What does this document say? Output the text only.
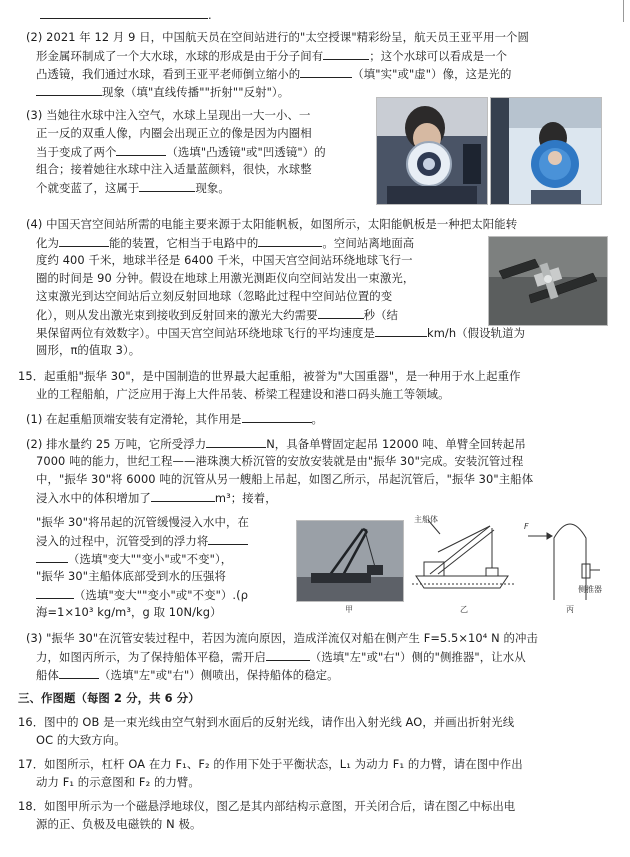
.
(2) 2021 年 12 月 9 日，中国航天员在空间站进行的"太空授课"精彩纷呈，航天员王亚平用一个圆
形金属环制成了一个大水球，水球的形成是由于分子间有	；这个水球可以看成是一个
凸透镜，我们通过水球，看到王亚平老师倒立缩小的	（填"实"或"虚"）像，这是光的
现象（填"直线传播""折射""反射"）。
(3) 当她往水球中注入空气，水球上呈现出一大一小、一
正一反的双重人像，内圈会出现正立的像是因为内圈相
当于变成了两个	（选填"凸透镜"或"凹透镜"）的
组合；接着她往水球中注入适量蓝颜料，很快，水球整
个就变蓝了，这属于	现象。
(4) 中国天宫空间站所需的电能主要来源于太阳能帆板，如图所示，太阳能帆板是一种把太阳能转
化为	能的装置，它相当于电路中的	。空间站离地面高
度约 400 千米，地球半径是 6400 千米，中国天宫空间站环绕地球飞行一
圈的时间是 90 分钟。假设在地球上用激光测距仪向空间站发出一束激光，
这束激光到达空间站后立刻反射回地球（忽略此过程中空间站位置的变
化），则从发出激光束到接收到反射回来的激光大约需要	秒（结
果保留两位有效数字）。中国天宫空间站环绕地球飞行的平均速度是	km/h（假设轨道为
圆形，π的值取 3）。
15．起重船"振华 30"，是中国制造的世界最大起重船，被誉为"大国重器"，是一种用于水上起重作
业的工程船舶，广泛应用于海上大件吊装、桥梁工程建设和港口码头施工等领域。
(1) 在起重船顶端安装有定滑轮，其作用是	。
(2) 排水量约 25 万吨，它所受浮力	N，具备单臂固定起吊 12000 吨、单臂全回转起吊
7000 吨的能力，世纪工程——港珠澳大桥沉管的安放安装就是由"振华 30"完成。安装沉管过程
中，"振华 30"将 6000 吨的沉管从另一艘船上吊起，如图乙所示，吊起沉管后，"振华 30"主船体
浸入水中的体积增加了	m³；接着，
"振华 30"将吊起的沉管缓慢浸入水中，在
浸入的过程中，沉管受到的浮力将
（选填"变大""变小"或"不变"），
"振华 30"主船体底部受到水的压强将
（选填"变大""变小"或"不变"）.(ρ
海=1×10³ kg/m³，g 取 10N/kg）	甲
主船体
乙
F
侧推器
丙
(3) "振华 30"在沉管安装过程中，若因为流向原因，造成洋流仅对船在侧产生 F=5.5×10⁴ N 的冲击
力，如图丙所示，为了保持船体平稳，需开启	（选填"左"或"右"）侧的"侧推器"，让水从
船体	（选填"左"或"右"）侧喷出，保持船体的稳定。
三、作图题（每图 2 分，共 6 分）
16．图中的 OB 是一束光线由空气射到水面后的反射光线，请作出入射光线 AO，并画出折射光线
OC 的大致方向。
17．如图所示，杠杆 OA 在力 F₁、F₂ 的作用下处于平衡状态，L₁ 为动力 F₁ 的力臂，请在图中作出
动力 F₁ 的示意图和 F₂ 的力臂。
18．如图甲所示为一个磁悬浮地球仪，图乙是其内部结构示意图，开关闭合后，请在图乙中标出电
源的正、负极及电磁铁的 N 极。
